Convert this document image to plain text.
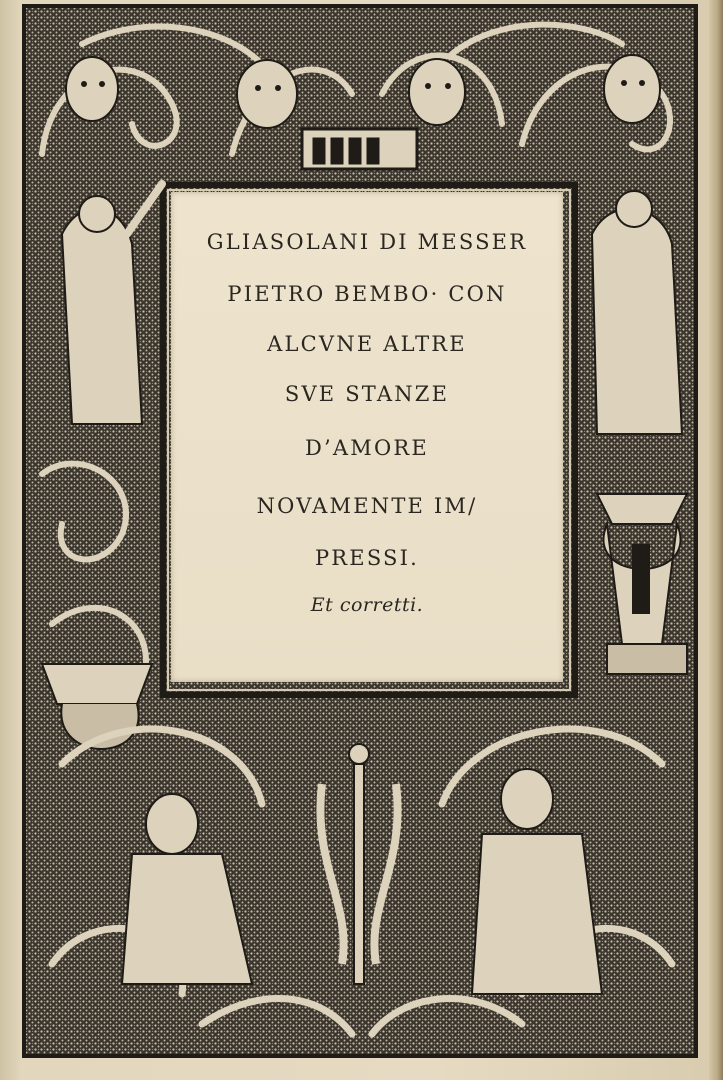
GLIASOLANI DI MESSER
PIETRO BEMBO· CON
ALCVNE ALTRE
SVE STANZE
D’AMORE
NOVAMENTE IM/
PRESSI.
Et corretti.
